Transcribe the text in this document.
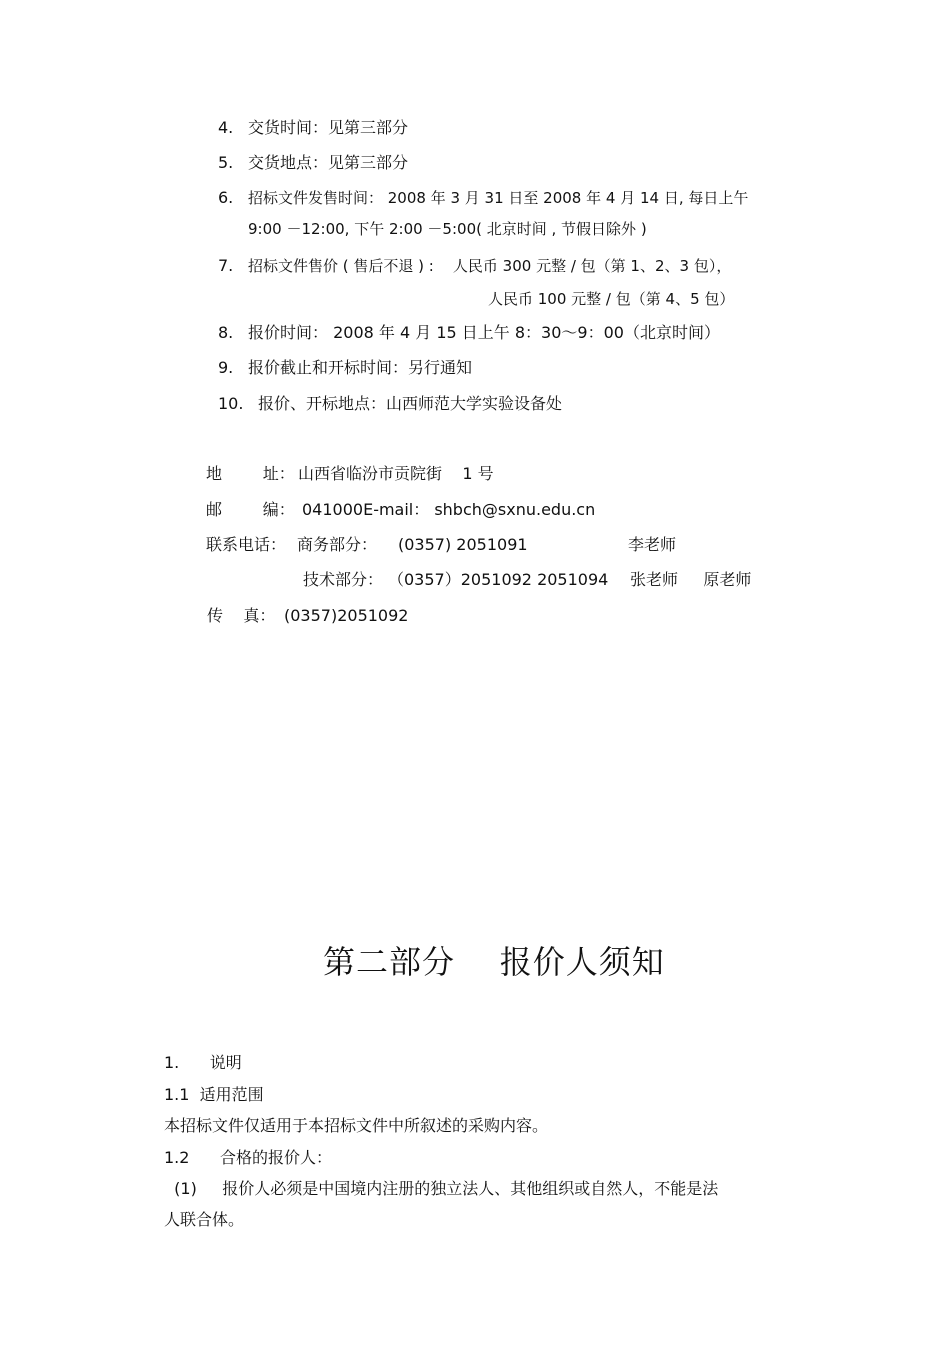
4. 交货时间：见第三部分
5. 交货地点：见第三部分
6. 招标文件发售时间： 2008 年 3 月 31 日至 2008 年 4 月 14 日, 每日上午
9:00 －12:00, 下午 2:00 －5:00( 北京时间 , 节假日除外 )
7. 招标文件售价 ( 售后不退 ) :    人民币 300 元整 / 包（第 1、2、3 包），
人民币 100 元整 / 包（第 4、5 包）
8. 报价时间： 2008 年 4 月 15 日上午 8：30～9：00（北京时间）
9. 报价截止和开标时间：另行通知
10. 报价、开标地点：山西师范大学实验设备处
地        址： 山西省临汾市贡院街    1 号
邮        编： 041000E-mail： shbch@sxnu.edu.cn
联系电话： 商务部分： (0357) 2051091	李老师
技术部分： （0357）2051092 2051094 张老师     原老师
传    真： (0357)2051092
第二部分    报价人须知
1.      说明
1.1  适用范围
本招标文件仅适用于本招标文件中所叙述的采购内容。
1.2      合格的报价人：
(1)     报价人必须是中国境内注册的独立法人、其他组织或自然人，不能是法
人联合体。
